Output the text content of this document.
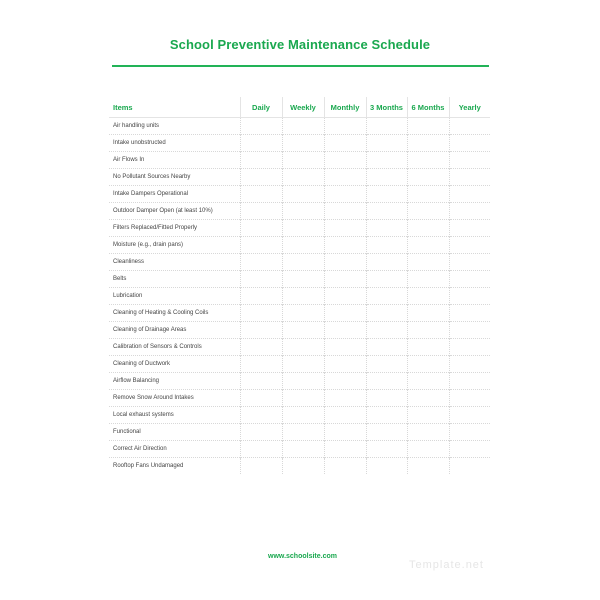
School Preventive Maintenance Schedule
Items	Daily	Weekly	Monthly	3 Months	6 Months	Yearly
Air handling units						
Intake unobstructed						
Air Flows In						
No Pollutant Sources Nearby						
Intake Dampers Operational						
Outdoor Damper Open (at least 10%)						
Filters Replaced/Fitted Properly						
Moisture (e.g., drain pans)						
Cleanliness						
Belts						
Lubrication						
Cleaning of Heating & Cooling Coils						
Cleaning of Drainage Areas						
Calibration of Sensors & Controls						
Cleaning of Ductwork						
Airflow Balancing						
Remove Snow Around Intakes						
Local exhaust systems						
Functional						
Correct Air Direction						
Rooftop Fans Undamaged						
www.schoolsite.com
Template.net
